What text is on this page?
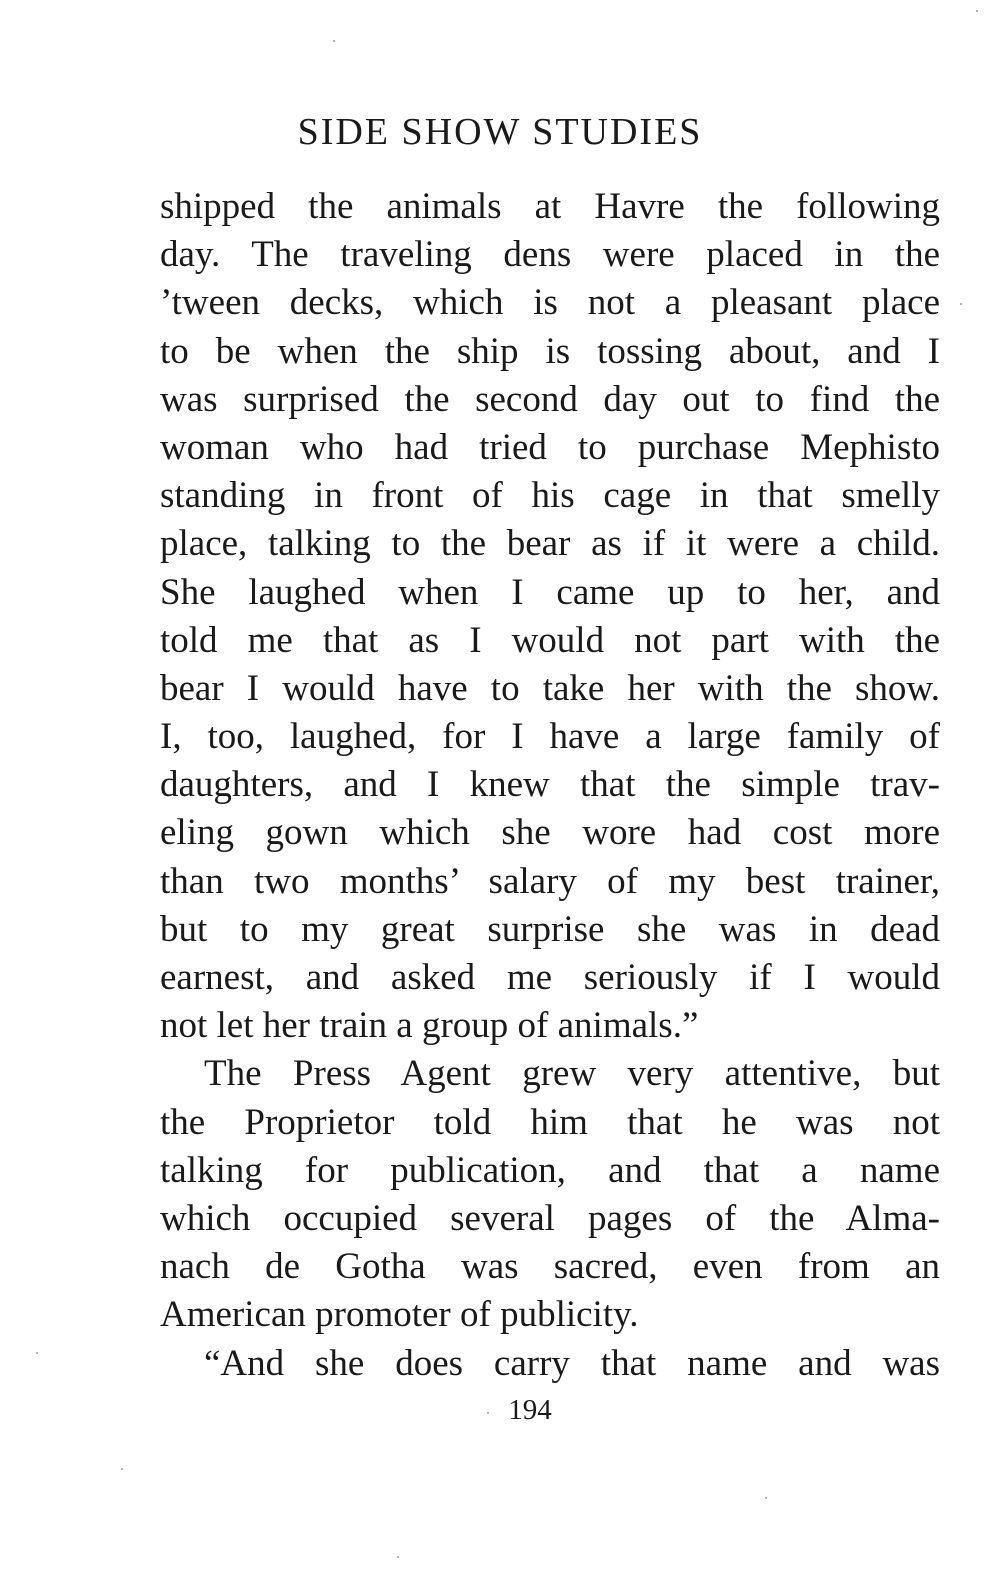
SIDE SHOW STUDIES
shipped the animals at Havre the following
day. The traveling dens were placed in the
’tween decks, which is not a pleasant place
to be when the ship is tossing about, and I
was surprised the second day out to find the
woman who had tried to purchase Mephisto
standing in front of his cage in that smelly
place, talking to the bear as if it were a child.
She laughed when I came up to her, and
told me that as I would not part with the
bear I would have to take her with the show.
I, too, laughed, for I have a large family of
daughters, and I knew that the simple trav-
eling gown which she wore had cost more
than two months’ salary of my best trainer,
but to my great surprise she was in dead
earnest, and asked me seriously if I would
not let her train a group of animals.”
The Press Agent grew very attentive, but
the Proprietor told him that he was not
talking for publication, and that a name
which occupied several pages of the Alma-
nach de Gotha was sacred, even from an
American promoter of publicity.
“And she does carry that name and was
194
